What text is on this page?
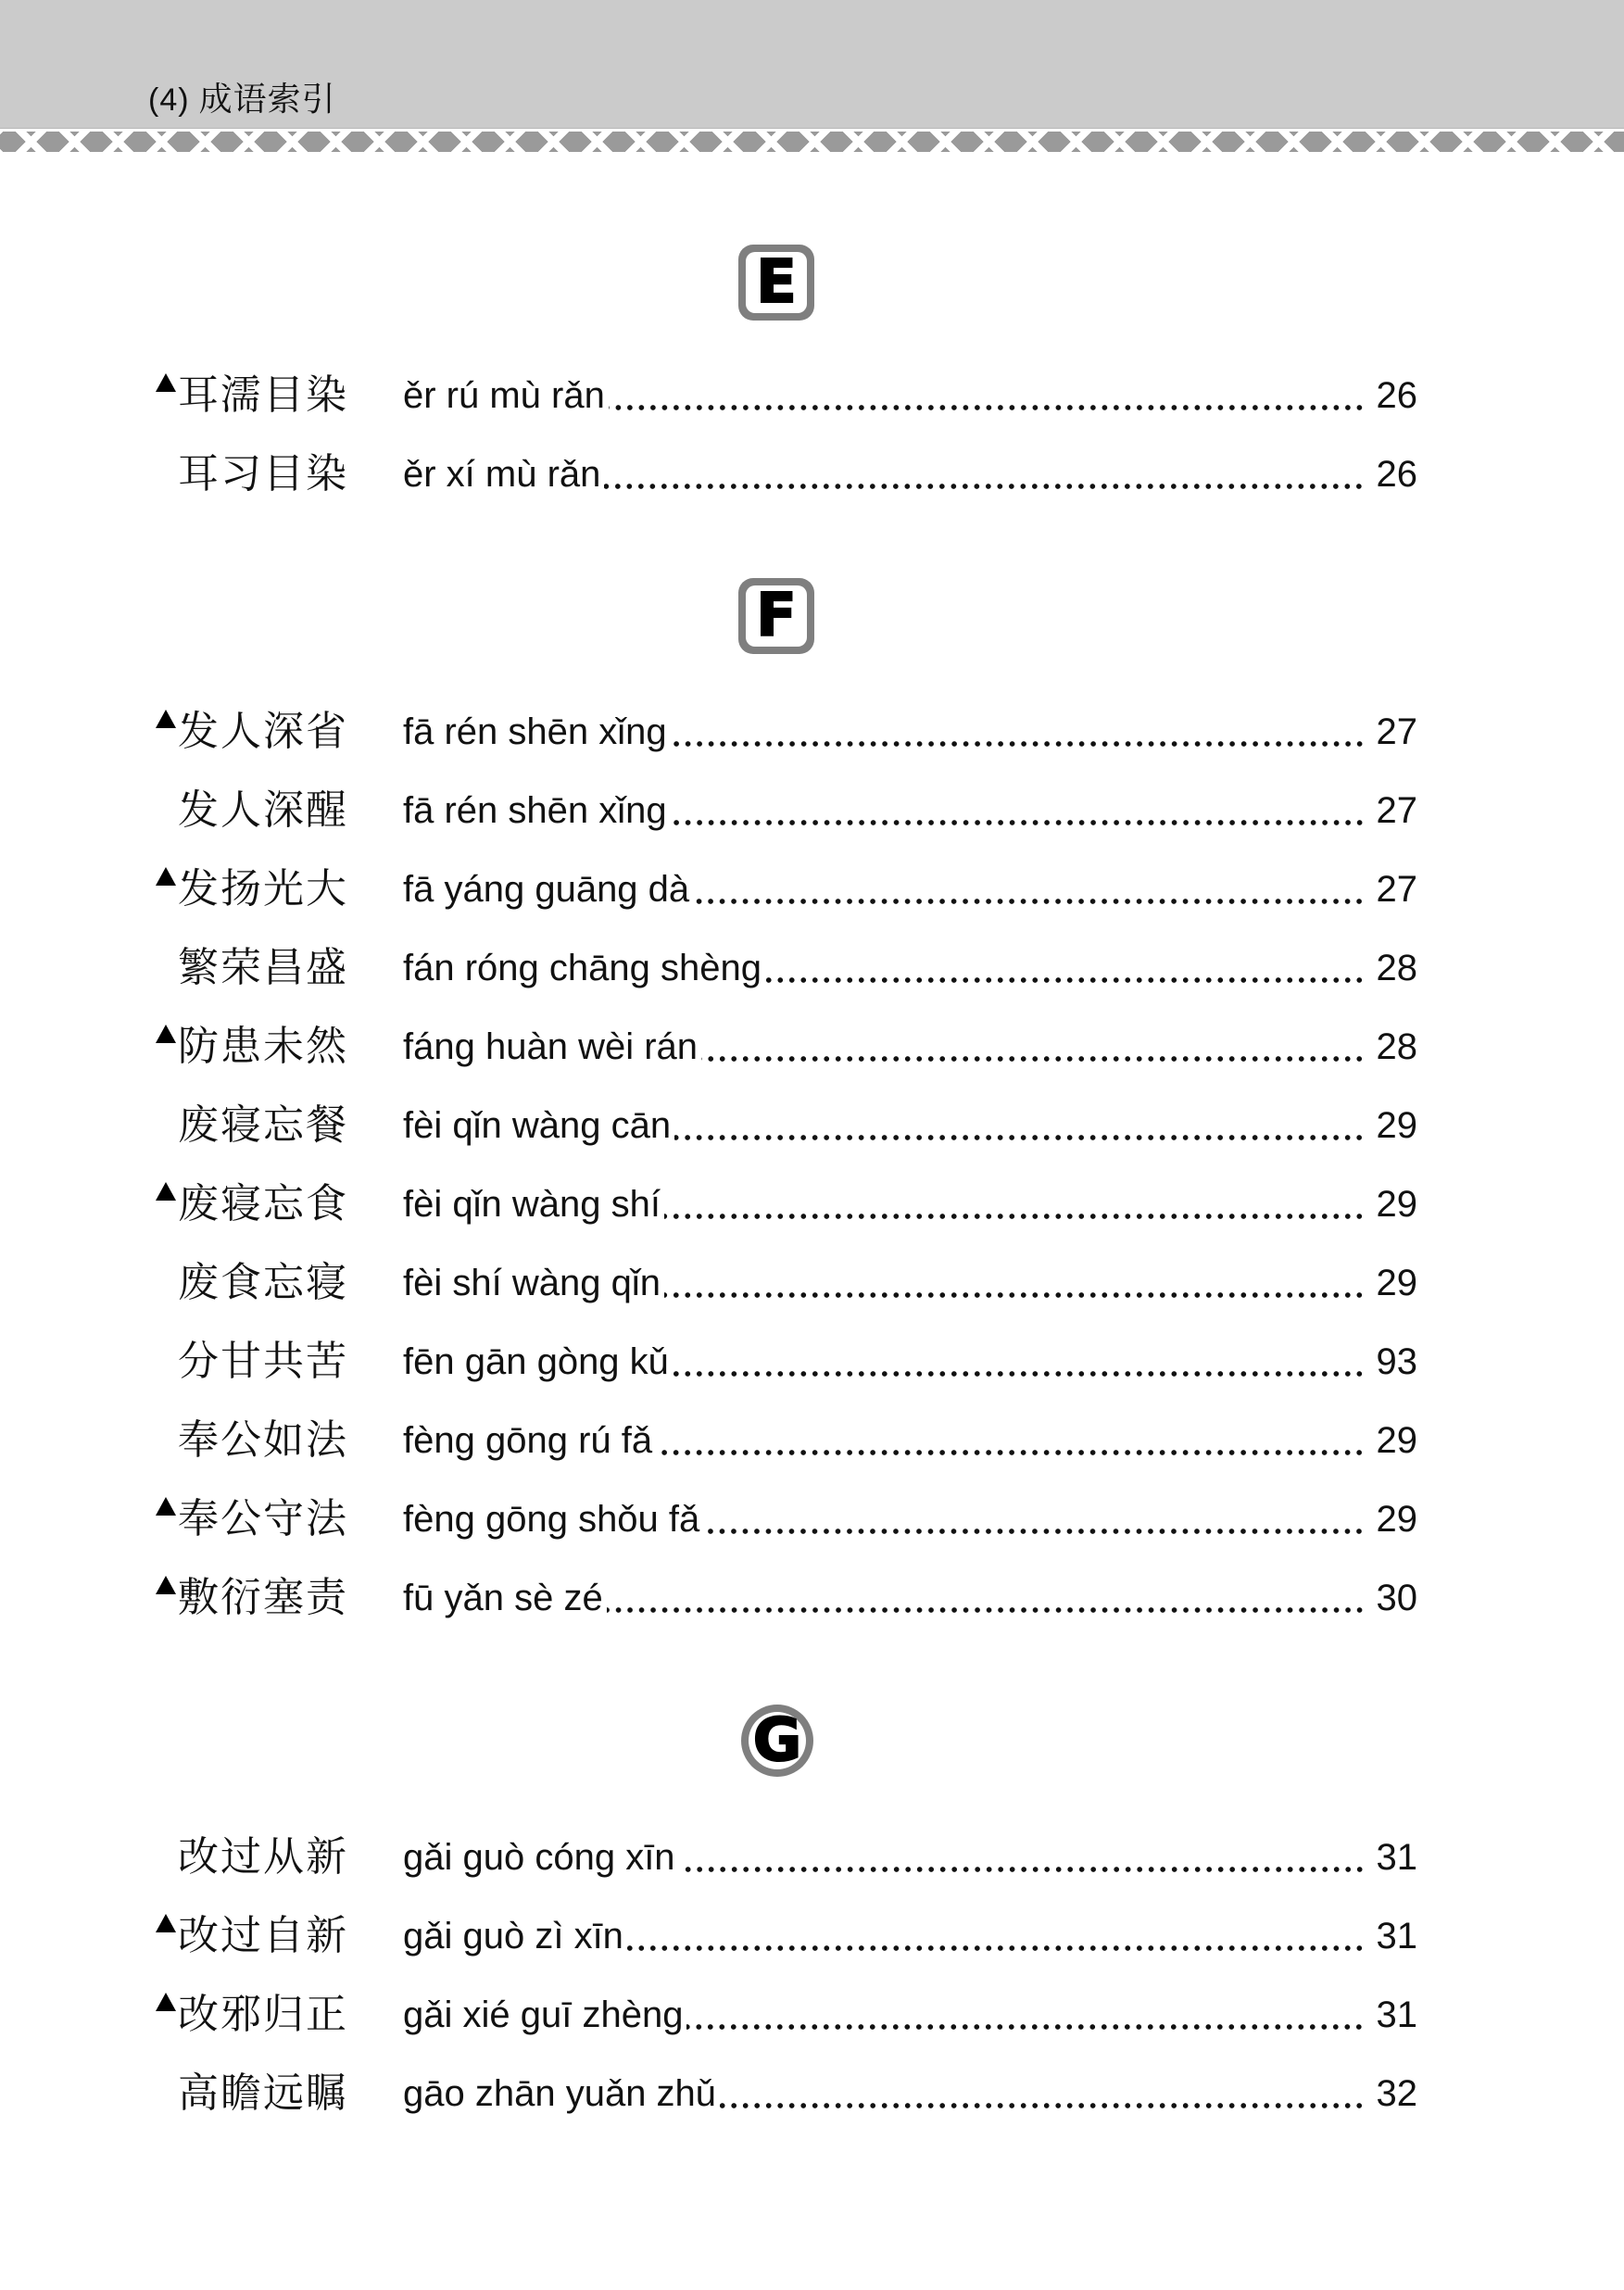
(4) 成语索引
E
耳濡目染	ěr rú mù rǎn	26
耳习目染	ěr xí mù rǎn	26
F
发人深省	fā rén shēn xǐng	27
发人深醒	fā rén shēn xǐng	27
发扬光大	fā yáng guāng dà	27
繁荣昌盛	fán róng chāng shèng	28
防患未然	fáng huàn wèi rán	28
废寝忘餐	fèi qǐn wàng cān	29
废寝忘食	fèi qǐn wàng shí	29
废食忘寝	fèi shí wàng qǐn	29
分甘共苦	fēn gān gòng kǔ	93
奉公如法	fèng gōng rú fǎ	29
奉公守法	fèng gōng shǒu fǎ	29
敷衍塞责	fū yǎn sè zé	30
G
改过从新	gǎi guò cóng xīn	31
改过自新	gǎi guò zì xīn	31
改邪归正	gǎi xié guī zhèng	31
高瞻远瞩	gāo zhān yuǎn zhǔ	32
